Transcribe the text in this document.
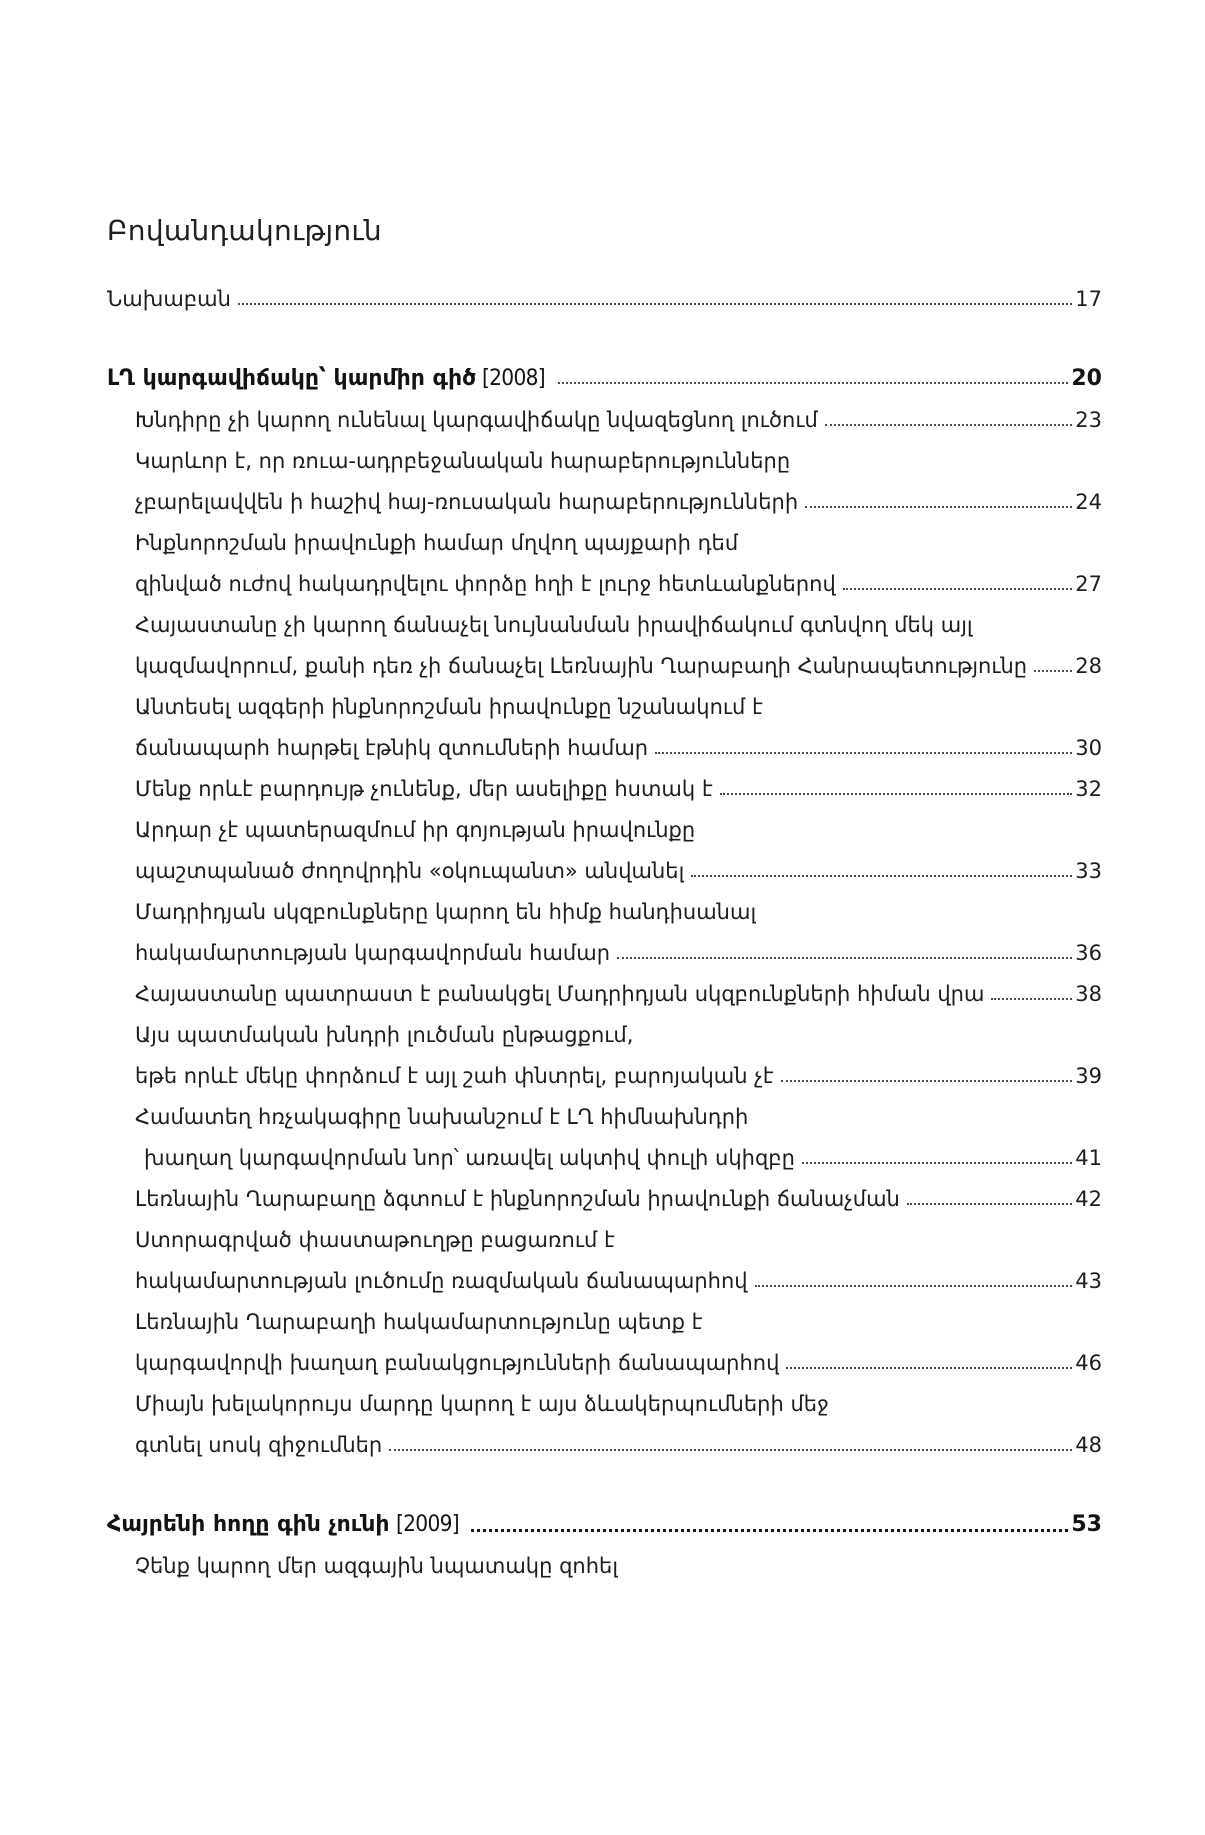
Բովանդակություն
Նախաբան	17
ԼՂ կարգավիճակը՝ կարմիր գիծ [2008]	20
Խնդիրը չի կարող ունենալ կարգավիճակը նվազեցնող լուծում	23
Կարևոր է, որ ռուա-ադրբեջանական հարաբերությունները
չբարելավվեն ի հաշիվ հայ-ռուսական հարաբերությունների	24
Ինքնորոշման իրավունքի համար մղվող պայքարի դեմ
զինված ուժով հակադրվելու փորձը հղի է լուրջ հետևանքներով	27
Հայաստանը չի կարող ճանաչել նույնանման իրավիճակում գտնվող մեկ այլ
կազմավորում, քանի դեռ չի ճանաչել Լեռնային Ղարաբաղի Հանրապետությունը 28
Անտեսել ազգերի ինքնորոշման իրավունքը նշանակում է
ճանապարհ հարթել էթնիկ զտումների համար	30
Մենք որևէ բարդույթ չունենք, մեր ասելիքը հստակ է	32
Արդար չէ պատերազմում իր գոյության իրավունքը
պաշտպանած ժողովրդին «օկուպանտ» անվանել	33
Մադրիդյան սկզբունքները կարող են հիմք հանդիսանալ
հակամարտության կարգավորման համար	36
Հայաստանը պատրաստ է բանակցել Մադրիդյան սկզբունքների հիման վրա	38
Այս պատմական խնդրի լուծման ընթացքում,
եթե որևէ մեկը փորձում է այլ շահ փնտրել, բարոյական չէ	39
Համատեղ հռչակագիրը նախանշում է ԼՂ հիմնախնդրի
խաղաղ կարգավորման նոր՝ առավել ակտիվ փուլի սկիզբը	41
Լեռնային Ղարաբաղը ձգտում է ինքնորոշման իրավունքի ճանաչման	42
Ստորագրված փաստաթուղթը բացառում է
հակամարտության լուծումը ռազմական ճանապարհով	43
Լեռնային Ղարաբաղի հակամարտությունը պետք է
կարգավորվի խաղաղ բանակցությունների ճանապարհով	46
Միայն խելակորույս մարդը կարող է այս ձևակերպումների մեջ
գտնել սոսկ զիջումներ	48
Հայրենի հողը գին չունի [2009]	53
Չենք կարող մեր ազգային նպատակը զոհել
